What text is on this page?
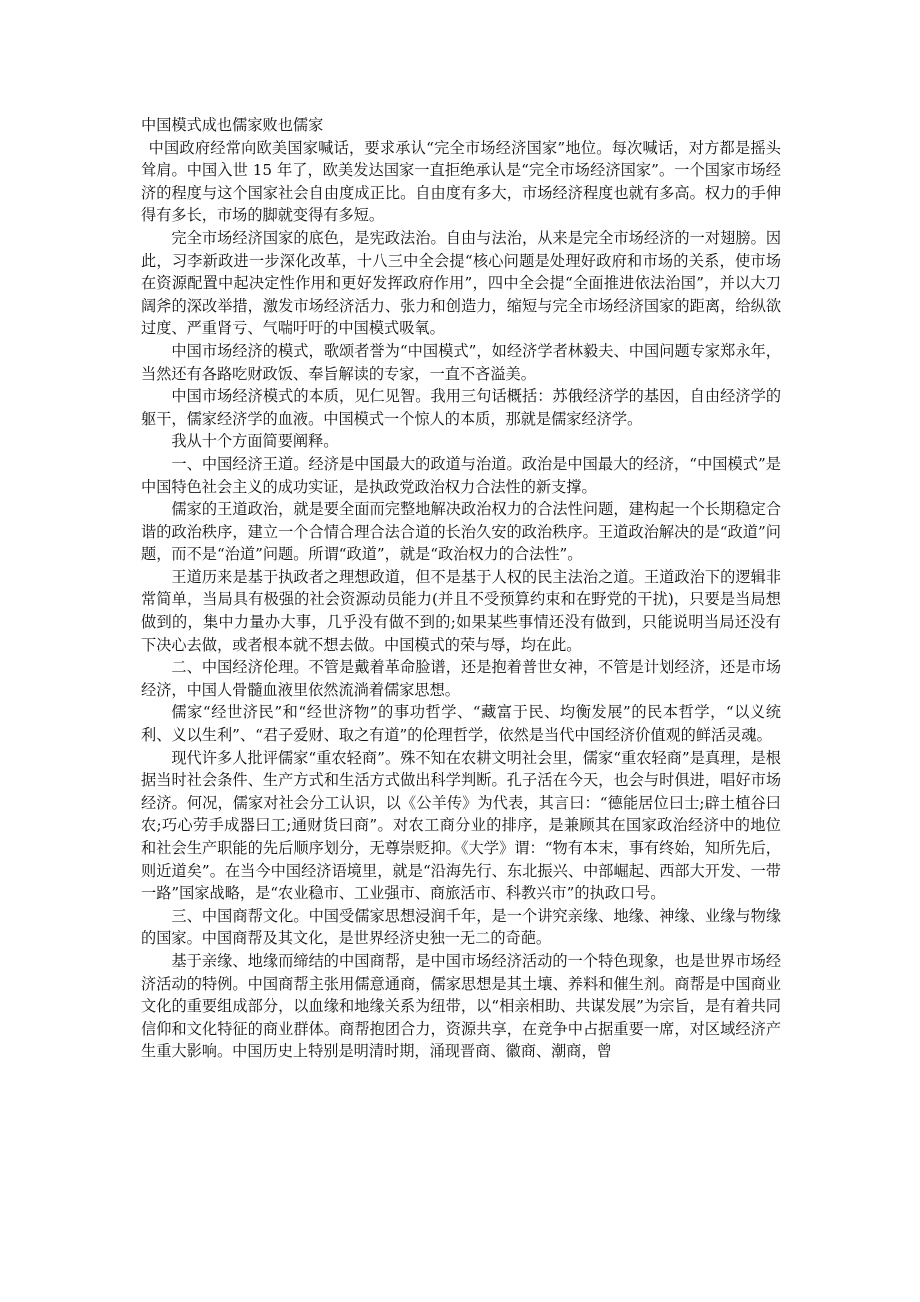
中国模式成也儒家败也儒家

中国政府经常向欧美国家喊话，要求承认“完全市场经济国家”地位。每次喊话，对方都是摇头耸肩。中国入世 15 年了，欧美发达国家一直拒绝承认是“完全市场经济国家”。一个国家市场经济的程度与这个国家社会自由度成正比。自由度有多大，市场经济程度也就有多高。权力的手伸得有多长，市场的脚就变得有多短。

完全市场经济国家的底色，是宪政法治。自由与法治，从来是完全市场经济的一对翅膀。因此，习李新政进一步深化改革，十八三中全会提“核心问题是处理好政府和市场的关系，使市场在资源配置中起决定性作用和更好发挥政府作用”，四中全会提“全面推进依法治国”，并以大刀阔斧的深改举措，激发市场经济活力、张力和创造力，缩短与完全市场经济国家的距离，给纵欲过度、严重肾亏、气喘吁吁的中国模式吸氧。

中国市场经济的模式，歌颂者誉为“中国模式”，如经济学者林毅夫、中国问题专家郑永年，当然还有各路吃财政饭、奉旨解读的专家，一直不吝溢美。

中国市场经济模式的本质，见仁见智。我用三句话概括：苏俄经济学的基因，自由经济学的躯干，儒家经济学的血液。中国模式一个惊人的本质，那就是儒家经济学。

我从十个方面简要阐释。

一、中国经济王道。经济是中国最大的政道与治道。政治是中国最大的经济，“中国模式”是中国特色社会主义的成功实证，是执政党政治权力合法性的新支撑。

儒家的王道政治，就是要全面而完整地解决政治权力的合法性问题，建构起一个长期稳定合谐的政治秩序，建立一个合情合理合法合道的长治久安的政治秩序。王道政治解决的是“政道”问题，而不是“治道”问题。所谓“政道”，就是“政治权力的合法性”。

王道历来是基于执政者之理想政道，但不是基于人权的民主法治之道。王道政治下的逻辑非常简单，当局具有极强的社会资源动员能力(并且不受预算约束和在野党的干扰)，只要是当局想做到的，集中力量办大事，几乎没有做不到的;如果某些事情还没有做到，只能说明当局还没有下决心去做，或者根本就不想去做。中国模式的荣与辱，均在此。

二、中国经济伦理。不管是戴着革命脸谱，还是抱着普世女神，不管是计划经济，还是市场经济，中国人骨髓血液里依然流淌着儒家思想。

儒家“经世济民”和“经世济物”的事功哲学、“藏富于民、均衡发展”的民本哲学，“以义统利、义以生利”、“君子爱财、取之有道”的伦理哲学，依然是当代中国经济价值观的鲜活灵魂。

现代许多人批评儒家“重农轻商”。殊不知在农耕文明社会里，儒家“重农轻商”是真理，是根据当时社会条件、生产方式和生活方式做出科学判断。孔子活在今天，也会与时俱进，唱好市场经济。何况，儒家对社会分工认识，以《公羊传》为代表，其言曰：“德能居位曰士;辟土植谷曰农;巧心劳手成器曰工;通财货曰商”。对农工商分业的排序，是兼顾其在国家政治经济中的地位和社会生产职能的先后顺序划分，无尊崇贬抑。《大学》谓：“物有本末，事有终始，知所先后，则近道矣”。在当今中国经济语境里，就是“沿海先行、东北振兴、中部崛起、西部大开发、一带一路”国家战略，是“农业稳市、工业强市、商旅活市、科教兴市”的执政口号。

三、中国商帮文化。中国受儒家思想浸润千年，是一个讲究亲缘、地缘、神缘、业缘与物缘的国家。中国商帮及其文化，是世界经济史独一无二的奇葩。

基于亲缘、地缘而缔结的中国商帮，是中国市场经济活动的一个特色现象，也是世界市场经济活动的特例。中国商帮主张用儒意通商，儒家思想是其土壤、养料和催生剂。商帮是中国商业文化的重要组成部分，以血缘和地缘关系为纽带，以“相亲相助、共谋发展”为宗旨，是有着共同信仰和文化特征的商业群体。商帮抱团合力，资源共享，在竞争中占据重要一席，对区域经济产生重大影响。中国历史上特别是明清时期，涌现晋商、徽商、潮商，曾
